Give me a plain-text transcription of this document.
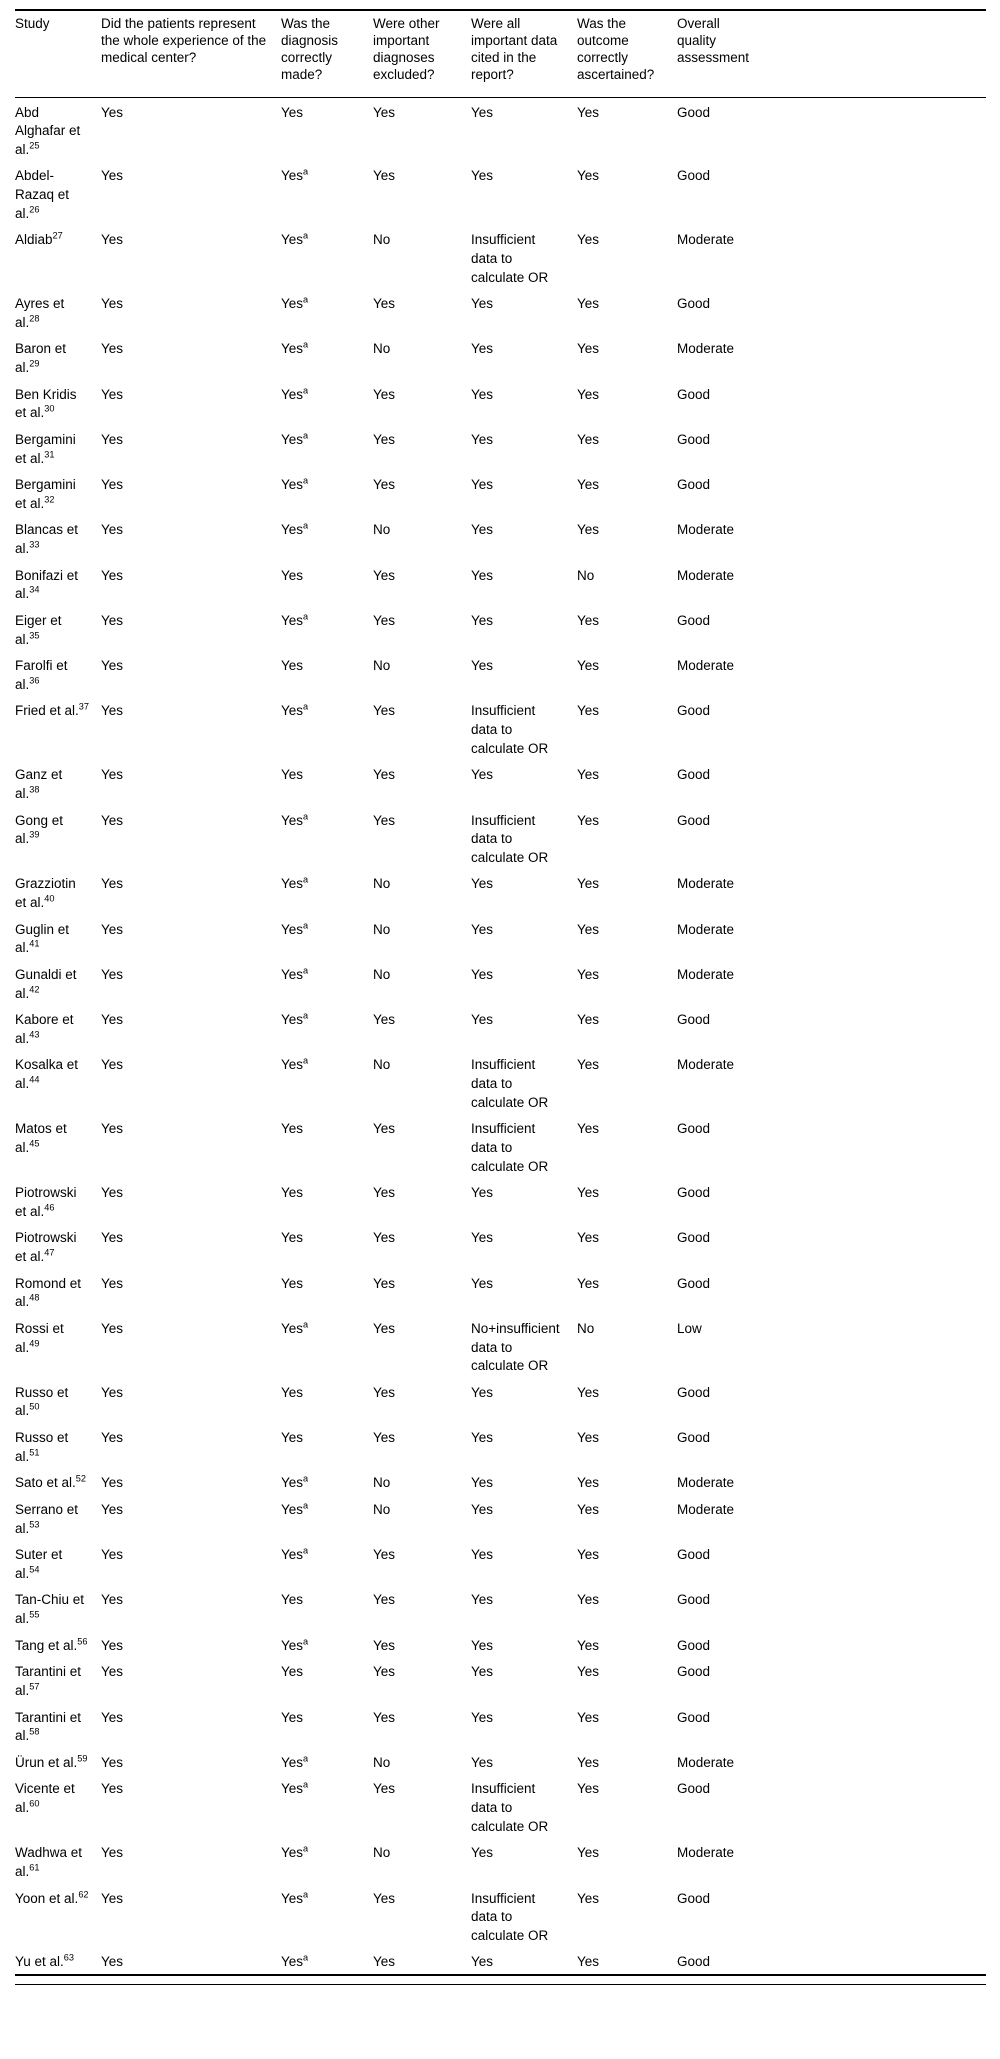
Study	Did the patients represent the whole experience of the medical center?	Was the diagnosis correctly made?	Were other important diagnoses excluded?	Were all important data cited in the report?	Was the outcome correctly ascertained?	Overall quality assessment

Abd Alghafar et al.$^{25}$	Yes	Yes	Yes	Yes	Yes	Good
Abdel-Razaq et al.$^{26}$	Yes	Yes$^a$	Yes	Yes	Yes	Good
Aldiab$^{27}$	Yes	Yes$^a$	No	Insufficient data to calculate OR	Yes	Moderate
Ayres et al.$^{28}$	Yes	Yes$^a$	Yes	Yes	Yes	Good
Baron et al.$^{29}$	Yes	Yes$^a$	No	Yes	Yes	Moderate
Ben Kridis et al.$^{30}$	Yes	Yes$^a$	Yes	Yes	Yes	Good
Bergamini et al.$^{31}$	Yes	Yes$^a$	Yes	Yes	Yes	Good
Bergamini et al.$^{32}$	Yes	Yes$^a$	Yes	Yes	Yes	Good
Blancas et al.$^{33}$	Yes	Yes$^a$	No	Yes	Yes	Moderate
Bonifazi et al.$^{34}$	Yes	Yes	Yes	Yes	No	Moderate
Eiger et al.$^{35}$	Yes	Yes$^a$	Yes	Yes	Yes	Good
Farolfi et al.$^{36}$	Yes	Yes	No	Yes	Yes	Moderate
Fried et al.$^{37}$	Yes	Yes$^a$	Yes	Insufficient data to calculate OR	Yes	Good
Ganz et al.$^{38}$	Yes	Yes	Yes	Yes	Yes	Good
Gong et al.$^{39}$	Yes	Yes$^a$	Yes	Insufficient data to calculate OR	Yes	Good
Grazziotin et al.$^{40}$	Yes	Yes$^a$	No	Yes	Yes	Moderate
Guglin et al.$^{41}$	Yes	Yes$^a$	No	Yes	Yes	Moderate
Gunaldi et al.$^{42}$	Yes	Yes$^a$	No	Yes	Yes	Moderate
Kabore et al.$^{43}$	Yes	Yes$^a$	Yes	Yes	Yes	Good
Kosalka et al.$^{44}$	Yes	Yes$^a$	No	Insufficient data to calculate OR	Yes	Moderate
Matos et al.$^{45}$	Yes	Yes	Yes	Insufficient data to calculate OR	Yes	Good
Piotrowski et al.$^{46}$	Yes	Yes	Yes	Yes	Yes	Good
Piotrowski et al.$^{47}$	Yes	Yes	Yes	Yes	Yes	Good
Romond et al.$^{48}$	Yes	Yes	Yes	Yes	Yes	Good
Rossi et al.$^{49}$	Yes	Yes$^a$	Yes	No+insufficient data to calculate OR	No	Low
Russo et al.$^{50}$	Yes	Yes	Yes	Yes	Yes	Good
Russo et al.$^{51}$	Yes	Yes	Yes	Yes	Yes	Good
Sato et al.$^{52}$	Yes	Yes$^a$	No	Yes	Yes	Moderate
Serrano et al.$^{53}$	Yes	Yes$^a$	No	Yes	Yes	Moderate
Suter et al.$^{54}$	Yes	Yes$^a$	Yes	Yes	Yes	Good
Tan-Chiu et al.$^{55}$	Yes	Yes	Yes	Yes	Yes	Good
Tang et al.$^{56}$	Yes	Yes$^a$	Yes	Yes	Yes	Good
Tarantini et al.$^{57}$	Yes	Yes	Yes	Yes	Yes	Good
Tarantini et al.$^{58}$	Yes	Yes	Yes	Yes	Yes	Good
Ürun et al.$^{59}$	Yes	Yes$^a$	No	Yes	Yes	Moderate
Vicente et al.$^{60}$	Yes	Yes$^a$	Yes	Insufficient data to calculate OR	Yes	Good
Wadhwa et al.$^{61}$	Yes	Yes$^a$	No	Yes	Yes	Moderate
Yoon et al.$^{62}$	Yes	Yes$^a$	Yes	Insufficient data to calculate OR	Yes	Good
Yu et al.$^{63}$	Yes	Yes$^a$	Yes	Yes	Yes	Good
